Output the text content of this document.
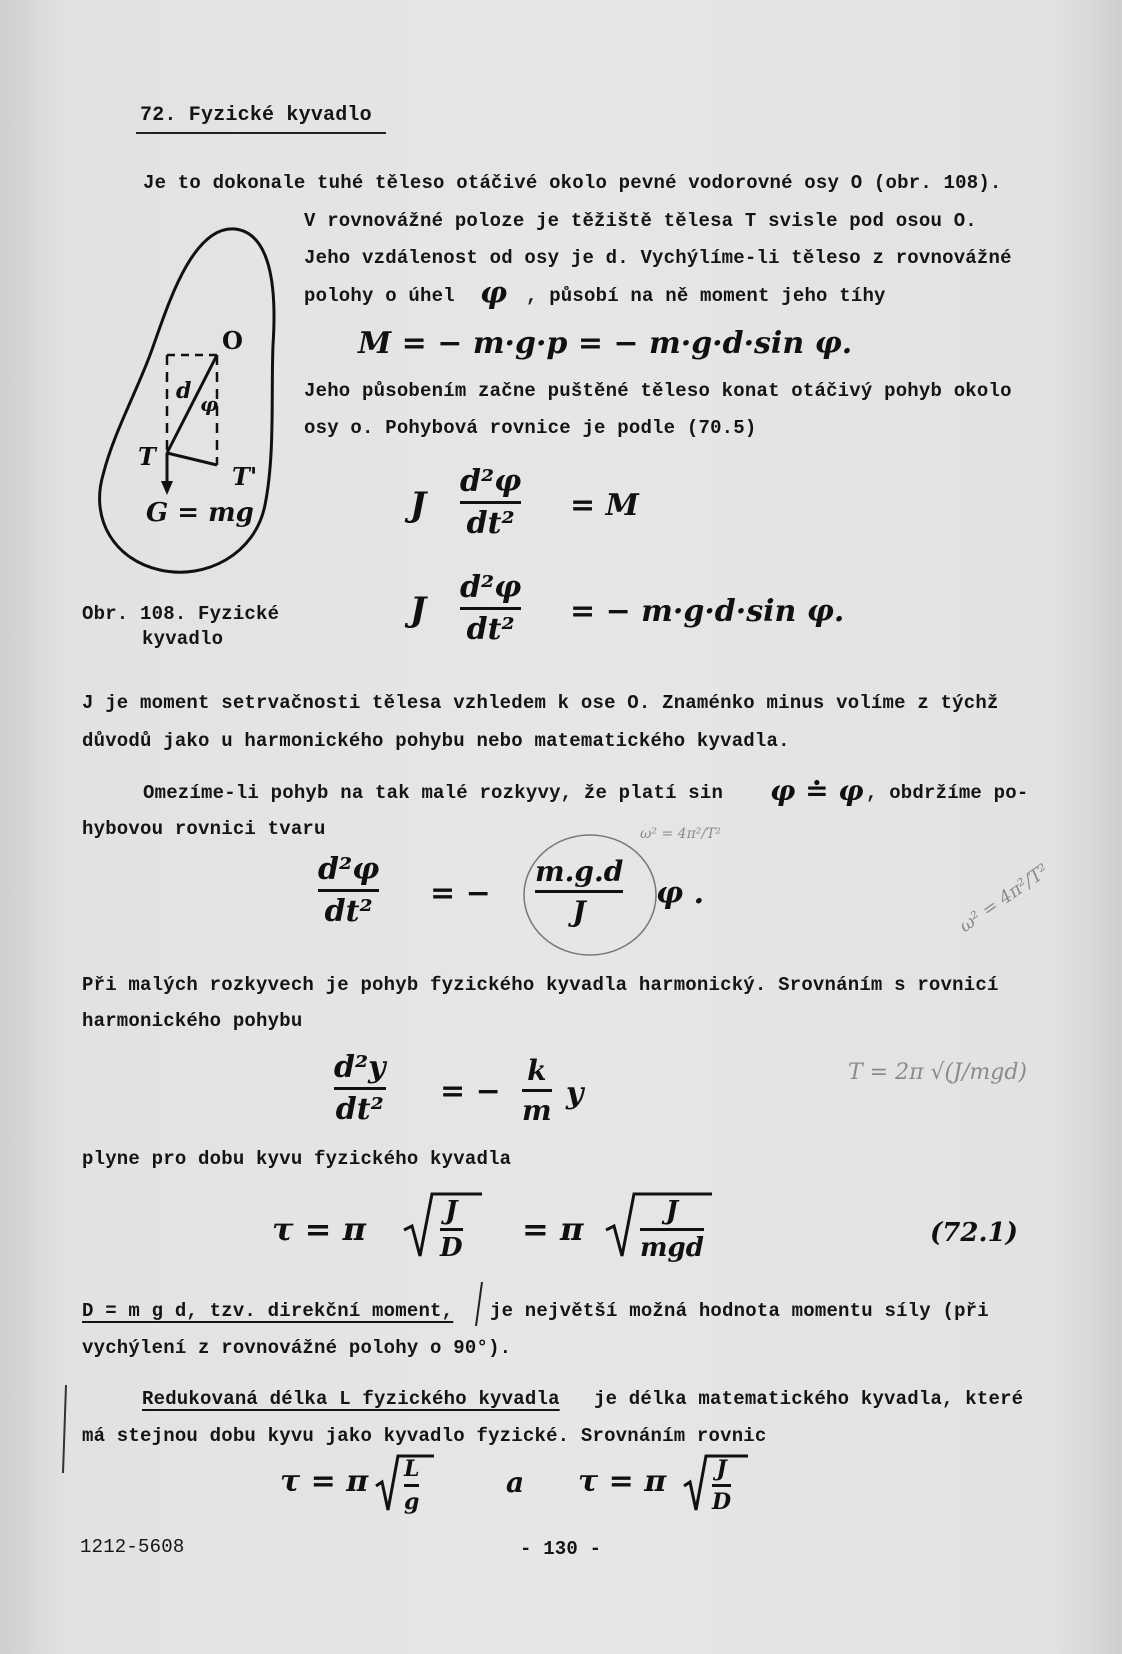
72. Fyzické kyvadlo
Je to dokonale tuhé těleso otáčivé okolo pevné vodorovné osy O (obr. 108).
V rovnovážné poloze je těžiště tělesa T svisle pod osou O.
Jeho vzdálenost od osy je d. Vychýlíme-li těleso z rovnovážné
polohy o úhel φ , působí na ně moment jeho tíhy
M = − m·g·p = − m·g·d·sin φ.
Jeho působením začne puštěné těleso konat otáčivý pohyb okolo
osy o. Pohybová rovnice je podle (70.5)
O
d φ
T
T'
G = mg
Obr. 108. Fyzické
kyvadlo
J
d²φ
dt²
= M
J
d²φ
dt²
= − m·g·d·sin φ.
J je moment setrvačnosti tělesa vzhledem k ose O. Znaménko minus volíme z týchž
důvodů jako u harmonického pohybu nebo matematického kyvadla.
Omezíme-li pohyb na tak malé rozkyvy, že platí sin φ ≐ φ , obdržíme po-
hybovou rovnici tvaru
d²φ
dt²
= −
m.g.d
J
φ .
ω² = 4π²/T²
ω² = 4π²/T²
Při malých rozkyvech je pohyb fyzického kyvadla harmonický. Srovnáním s rovnicí
harmonického pohybu
d²y
dt²
= −
k
m y
T = 2π √(J/mgd)
plyne pro dobu kyvu fyzického kyvadla
τ = π	J
D = π	J
mgd	(72.1)
D = m g d, tzv. direkční moment, je největší možná hodnota momentu síly (při
vychýlení z rovnovážné polohy o 90°).
Redukovaná délka L fyzického kyvadla je délka matematického kyvadla, které
má stejnou dobu kyvu jako kyvadlo fyzické. Srovnáním rovnic
τ = π L
g
a τ = π J
D
1212-5608	- 130 -
